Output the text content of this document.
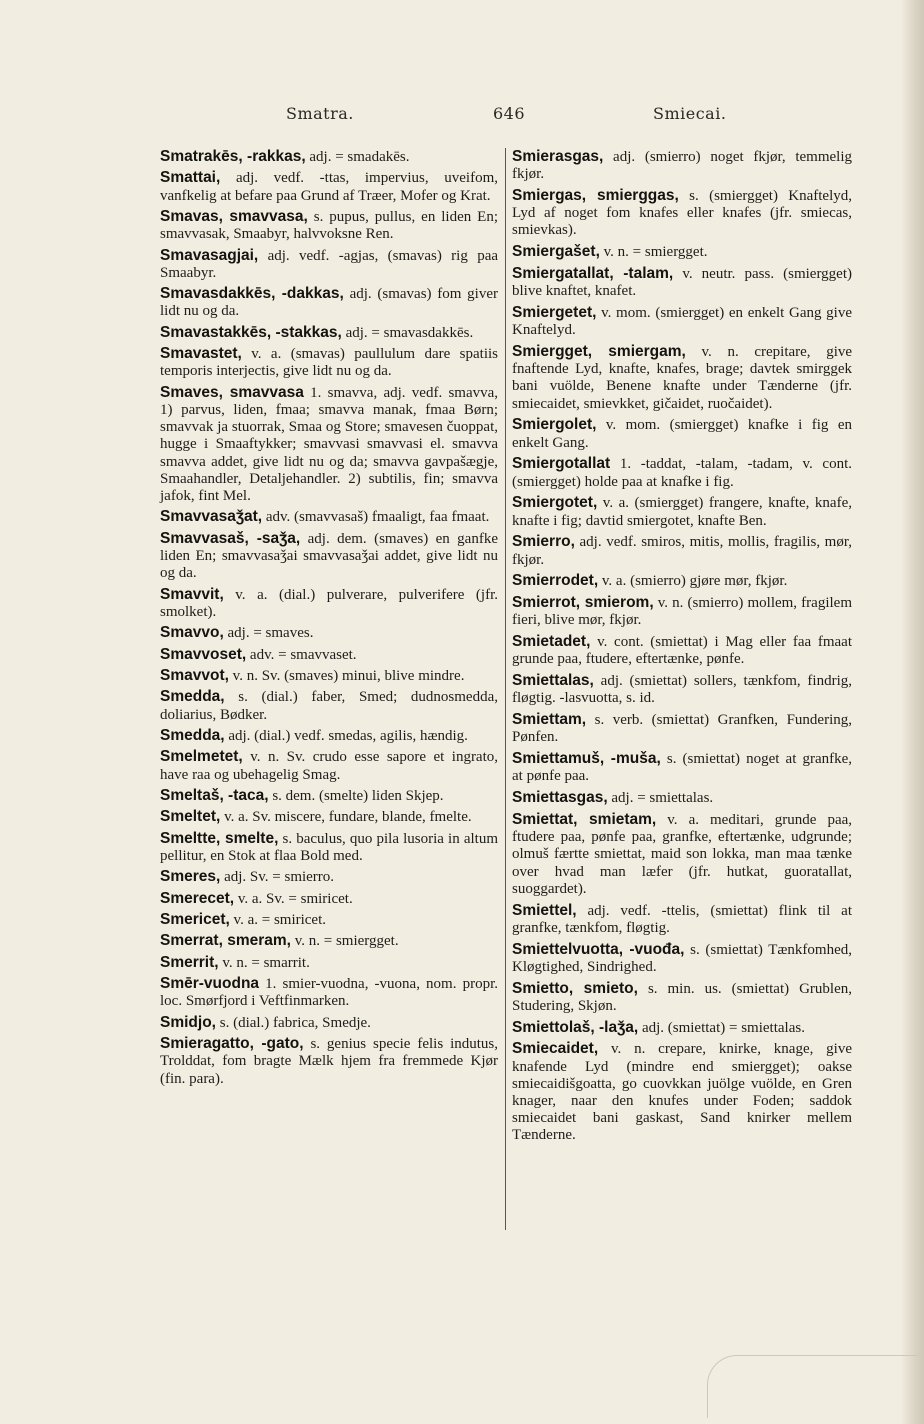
Smatra.	646	Smiecai.

Smatrakēs, -rakkas, adj. = smadakēs.

Smattai, adj. vedf. -ttas, impervius, uveifom, vanfkelig at befare paa Grund af Træer, Mofer og Krat.

Smavas, smavvasa, s. pupus, pullus, en liden En; smavvasak, Smaabyr, halvvoksne Ren.

Smavasagjai, adj. vedf. -agjas, (smavas) rig paa Smaabyr.

Smavasdakkēs, -dakkas, adj. (smavas) fom giver lidt nu og da.

Smavastakkēs, -stakkas, adj. = smavasdakkēs.

Smavastet, v. a. (smavas) paullulum dare spatiis temporis interjectis, give lidt nu og da.

Smaves, smavvasa 1. smavva, adj. vedf. smavva, 1) parvus, liden, fmaa; smavva manak, fmaa Børn; smavvak ja stuorrak, Smaa og Store; smavesen čuoppat, hugge i Smaaftykker; smavvasi smavvasi el. smavva smavva addet, give lidt nu og da; smavva gavpašægje, Smaahandler, Detaljehandler. 2) subtilis, fin; smavva jafok, fint Mel.

Smavvasaǯat, adv. (smavvasaš) fmaaligt, faa fmaat.

Smavvasaš, -saǯa, adj. dem. (smaves) en ganfke liden En; smavvasaǯai smavvasaǯai addet, give lidt nu og da.

Smavvit, v. a. (dial.) pulverare, pulverifere (jfr. smolket).

Smavvo, adj. = smaves.

Smavvoset, adv. = smavvaset.

Smavvot, v. n. Sv. (smaves) minui, blive mindre.

Smedda, s. (dial.) faber, Smed; dudnosmedda, doliarius, Bødker.

Smedda, adj. (dial.) vedf. smedas, agilis, hændig.

Smelmetet, v. n. Sv. crudo esse sapore et ingrato, have raa og ubehagelig Smag.

Smeltaš, -taca, s. dem. (smelte) liden Skjep.

Smeltet, v. a. Sv. miscere, fundare, blande, fmelte.

Smeltte, smelte, s. baculus, quo pila lusoria in altum pellitur, en Stok at flaa Bold med.

Smeres, adj. Sv. = smierro.

Smerecet, v. a. Sv. = smiricet.

Smericet, v. a. = smiricet.

Smerrat, smeram, v. n. = smiergget.

Smerrit, v. n. = smarrit.

Smēr-vuodna 1. smier-vuodna, -vuona, nom. propr. loc. Smørfjord i Veftfinmarken.

Smidjo, s. (dial.) fabrica, Smedje.

Smieragatto, -gato, s. genius specie felis indutus, Trolddat, fom bragte Mælk hjem fra fremmede Kjør (fin. para).

Smierasgas, adj. (smierro) noget fkjør, temmelig fkjør.

Smiergas, smierggas, s. (smiergget) Knaftelyd, Lyd af noget fom knafes eller knafes (jfr. smiecas, smievkas).

Smiergašet, v. n. = smiergget.

Smiergatallat, -talam, v. neutr. pass. (smiergget) blive knaftet, knafet.

Smiergetet, v. mom. (smiergget) en enkelt Gang give Knaftelyd.

Smiergget, smiergam, v. n. crepitare, give fnaftende Lyd, knafte, knafes, brage; davtek smirggek bani vuölde, Benene knafte under Tænderne (jfr. smiecaidet, smievkket, gičaidet, ruočaidet).

Smiergolet, v. mom. (smiergget) knafke i fig en enkelt Gang.

Smiergotallat 1. -taddat, -talam, -tadam, v. cont. (smiergget) holde paa at knafke i fig.

Smiergotet, v. a. (smiergget) frangere, knafte, knafe, knafte i fig; davtid smiergotet, knafte Ben.

Smierro, adj. vedf. smiros, mitis, mollis, fragilis, mør, fkjør.

Smierrodet, v. a. (smierro) gjøre mør, fkjør.

Smierrot, smierom, v. n. (smierro) mollem, fragilem fieri, blive mør, fkjør.

Smietadet, v. cont. (smiettat) i Mag eller faa fmaat grunde paa, ftudere, eftertænke, pønfe.

Smiettalas, adj. (smiettat) sollers, tænkfom, findrig, fløgtig. -lasvuotta, s. id.

Smiettam, s. verb. (smiettat) Granfken, Fundering, Pønfen.

Smiettamuš, -muša, s. (smiettat) noget at granfke, at pønfe paa.

Smiettasgas, adj. = smiettalas.

Smiettat, smietam, v. a. meditari, grunde paa, ftudere paa, pønfe paa, granfke, eftertænke, udgrunde; olmuš færtte smiettat, maid son lokka, man maa tænke over hvad man læfer (jfr. hutkat, guoratallat, suoggardet).

Smiettel, adj. vedf. -ttelis, (smiettat) flink til at granfke, tænkfom, fløgtig.

Smiettelvuotta, -vuođa, s. (smiettat) Tænkfomhed, Kløgtighed, Sindrighed.

Smietto, smieto, s. min. us. (smiettat) Grublen, Studering, Skjøn.

Smiettolaš, -laǯa, adj. (smiettat) = smiettalas.

Smiecaidet, v. n. crepare, knirke, knage, give knafende Lyd (mindre end smiergget); oakse smiecaidišgoatta, go cuovkkan juölge vuölde, en Gren knager, naar den knufes under Foden; saddok smiecaidet bani gaskast, Sand knirker mellem Tænderne.
